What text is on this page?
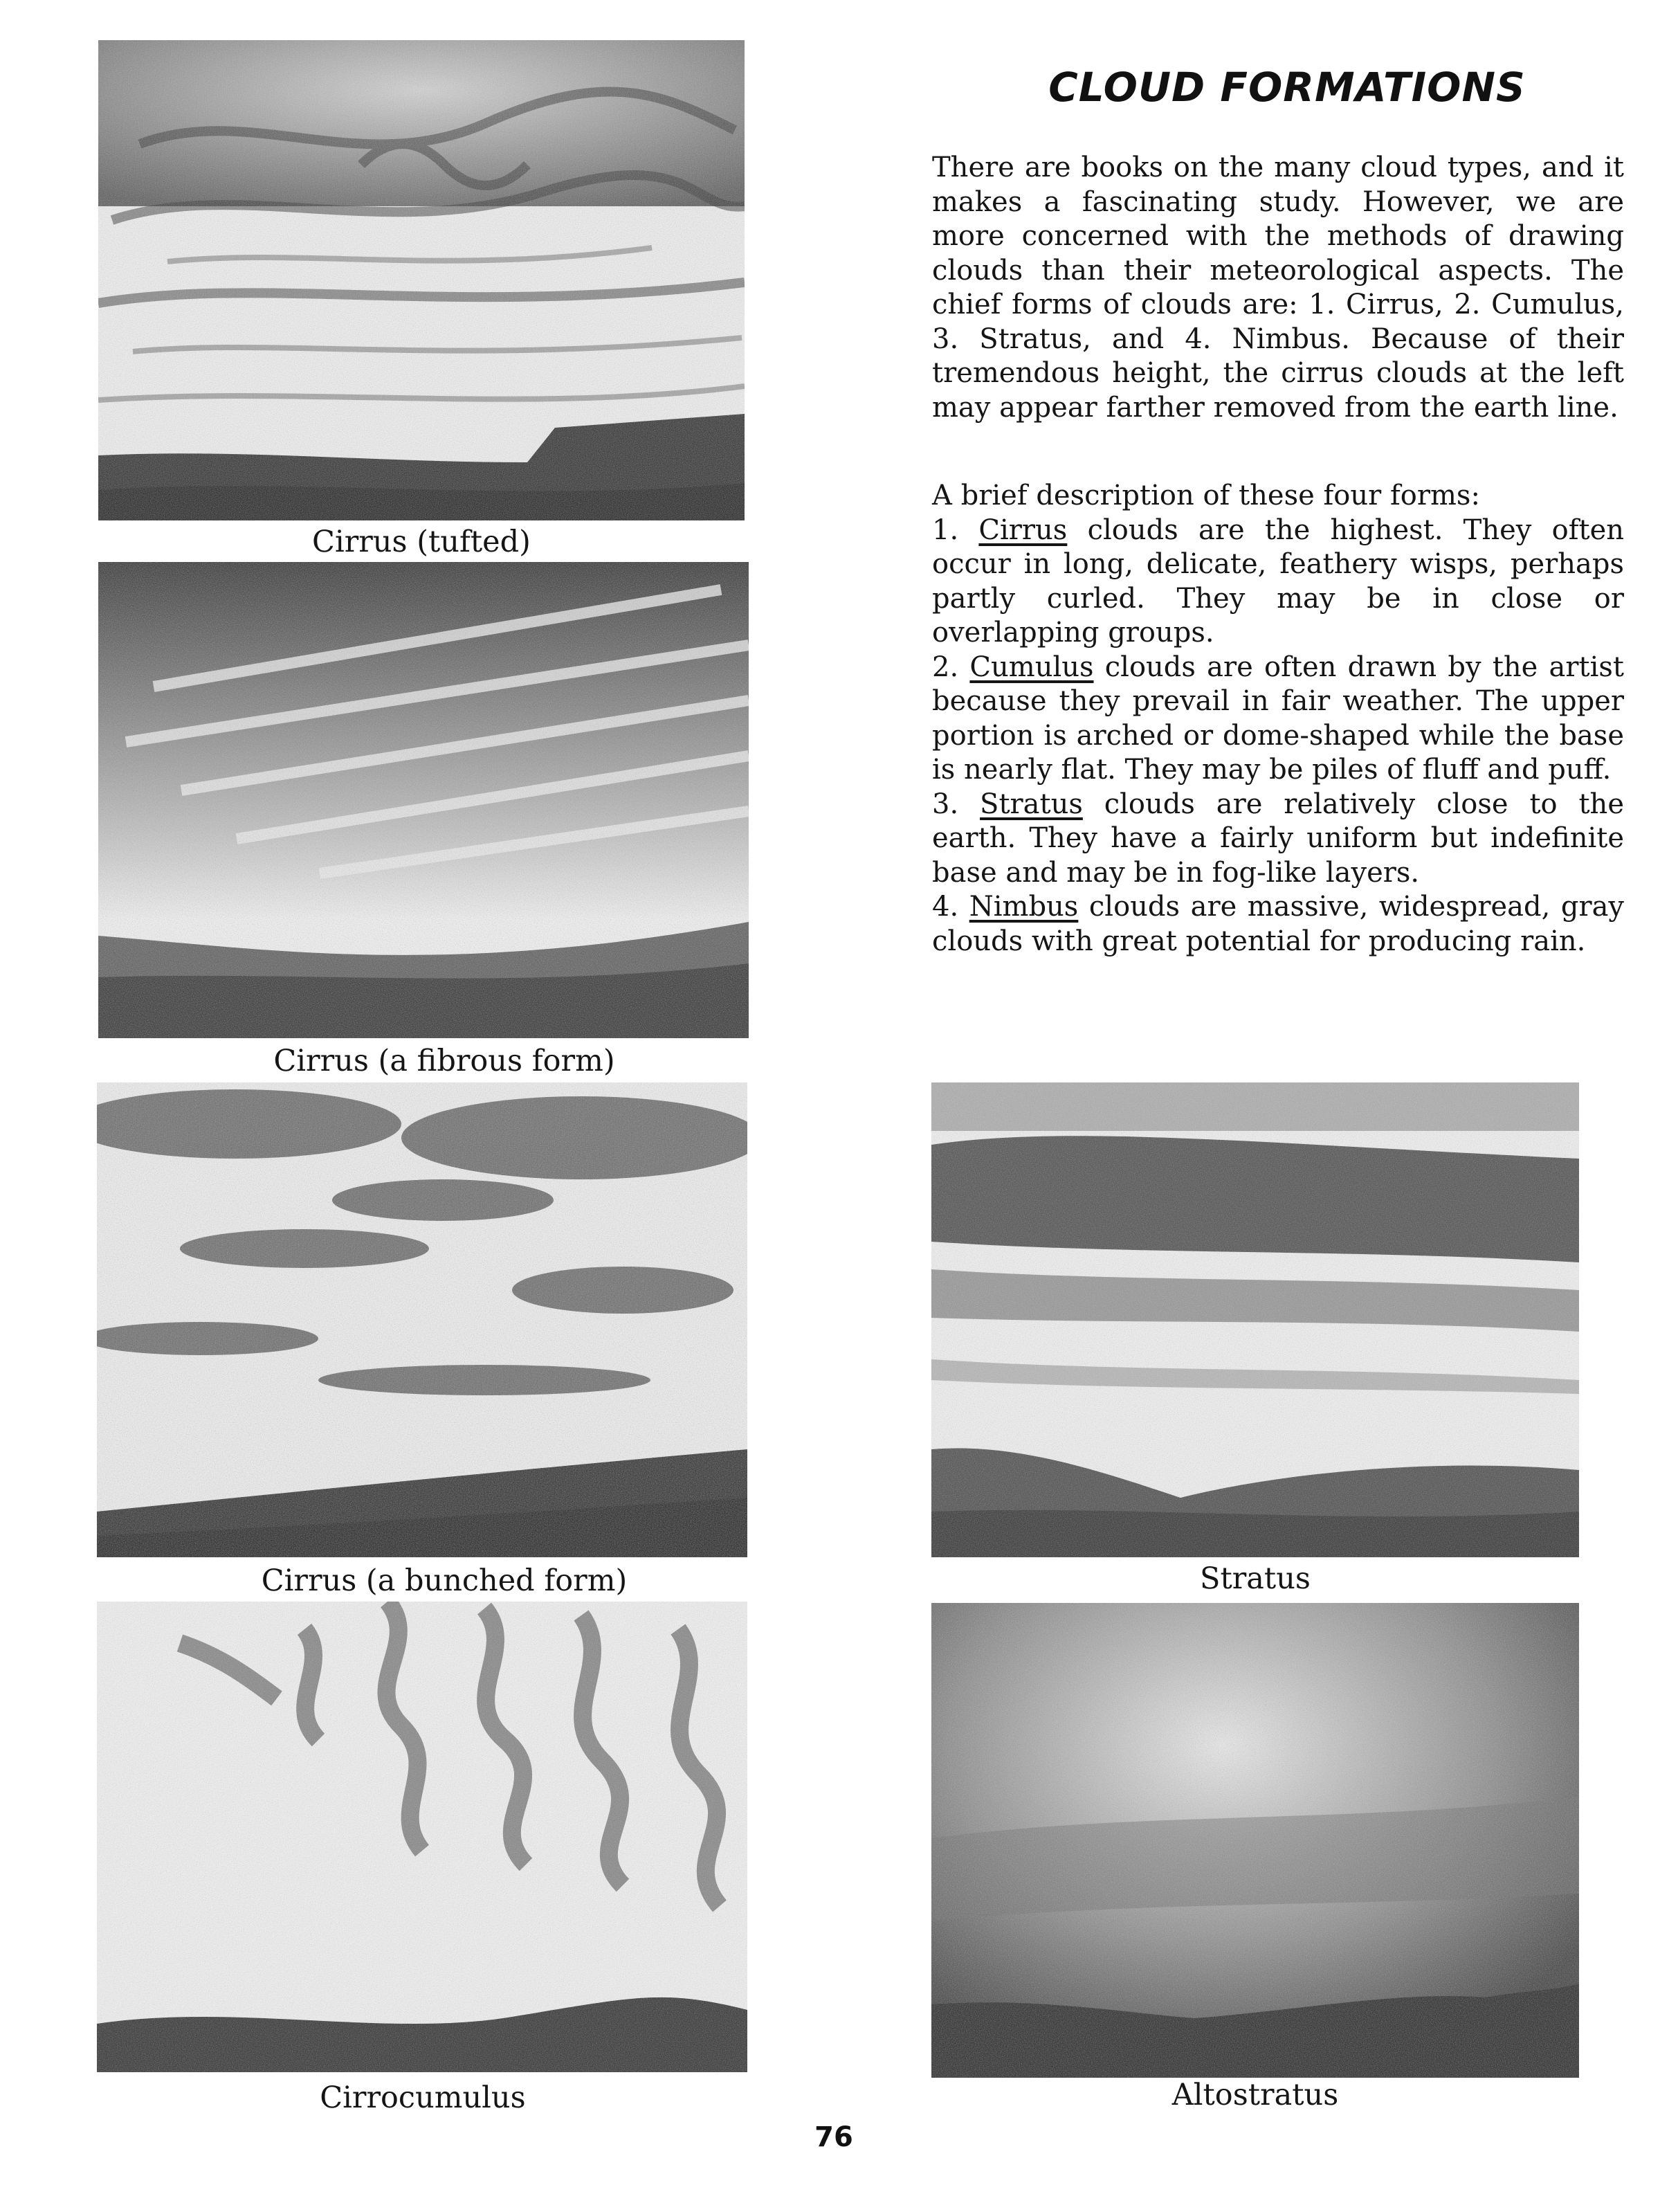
CLOUD FORMATIONS

There are books on the many cloud types, and it makes a fascinating study. However, we are more concerned with the methods of drawing clouds than their meteorological aspects. The chief forms of clouds are: 1. Cirrus, 2. Cumulus, 3. Stratus, and 4. Nimbus. Because of their tremendous height, the cirrus clouds at the left may appear farther removed from the earth line.

A brief description of these four forms:

1. Cirrus clouds are the highest. They often occur in long, delicate, feathery wisps, perhaps partly curled. They may be in close or overlapping groups.

2. Cumulus clouds are often drawn by the artist because they prevail in fair weather. The upper portion is arched or dome-shaped while the base is nearly flat. They may be piles of fluff and puff.

3. Stratus clouds are relatively close to the earth. They have a fairly uniform but indefinite base and may be in fog-like layers.

4. Nimbus clouds are massive, widespread, gray clouds with great potential for producing rain.

Cirrus (tufted)
Cirrus (a fibrous form)
Cirrus (a bunched form)
Cirrocumulus
Stratus
Altostratus
76
